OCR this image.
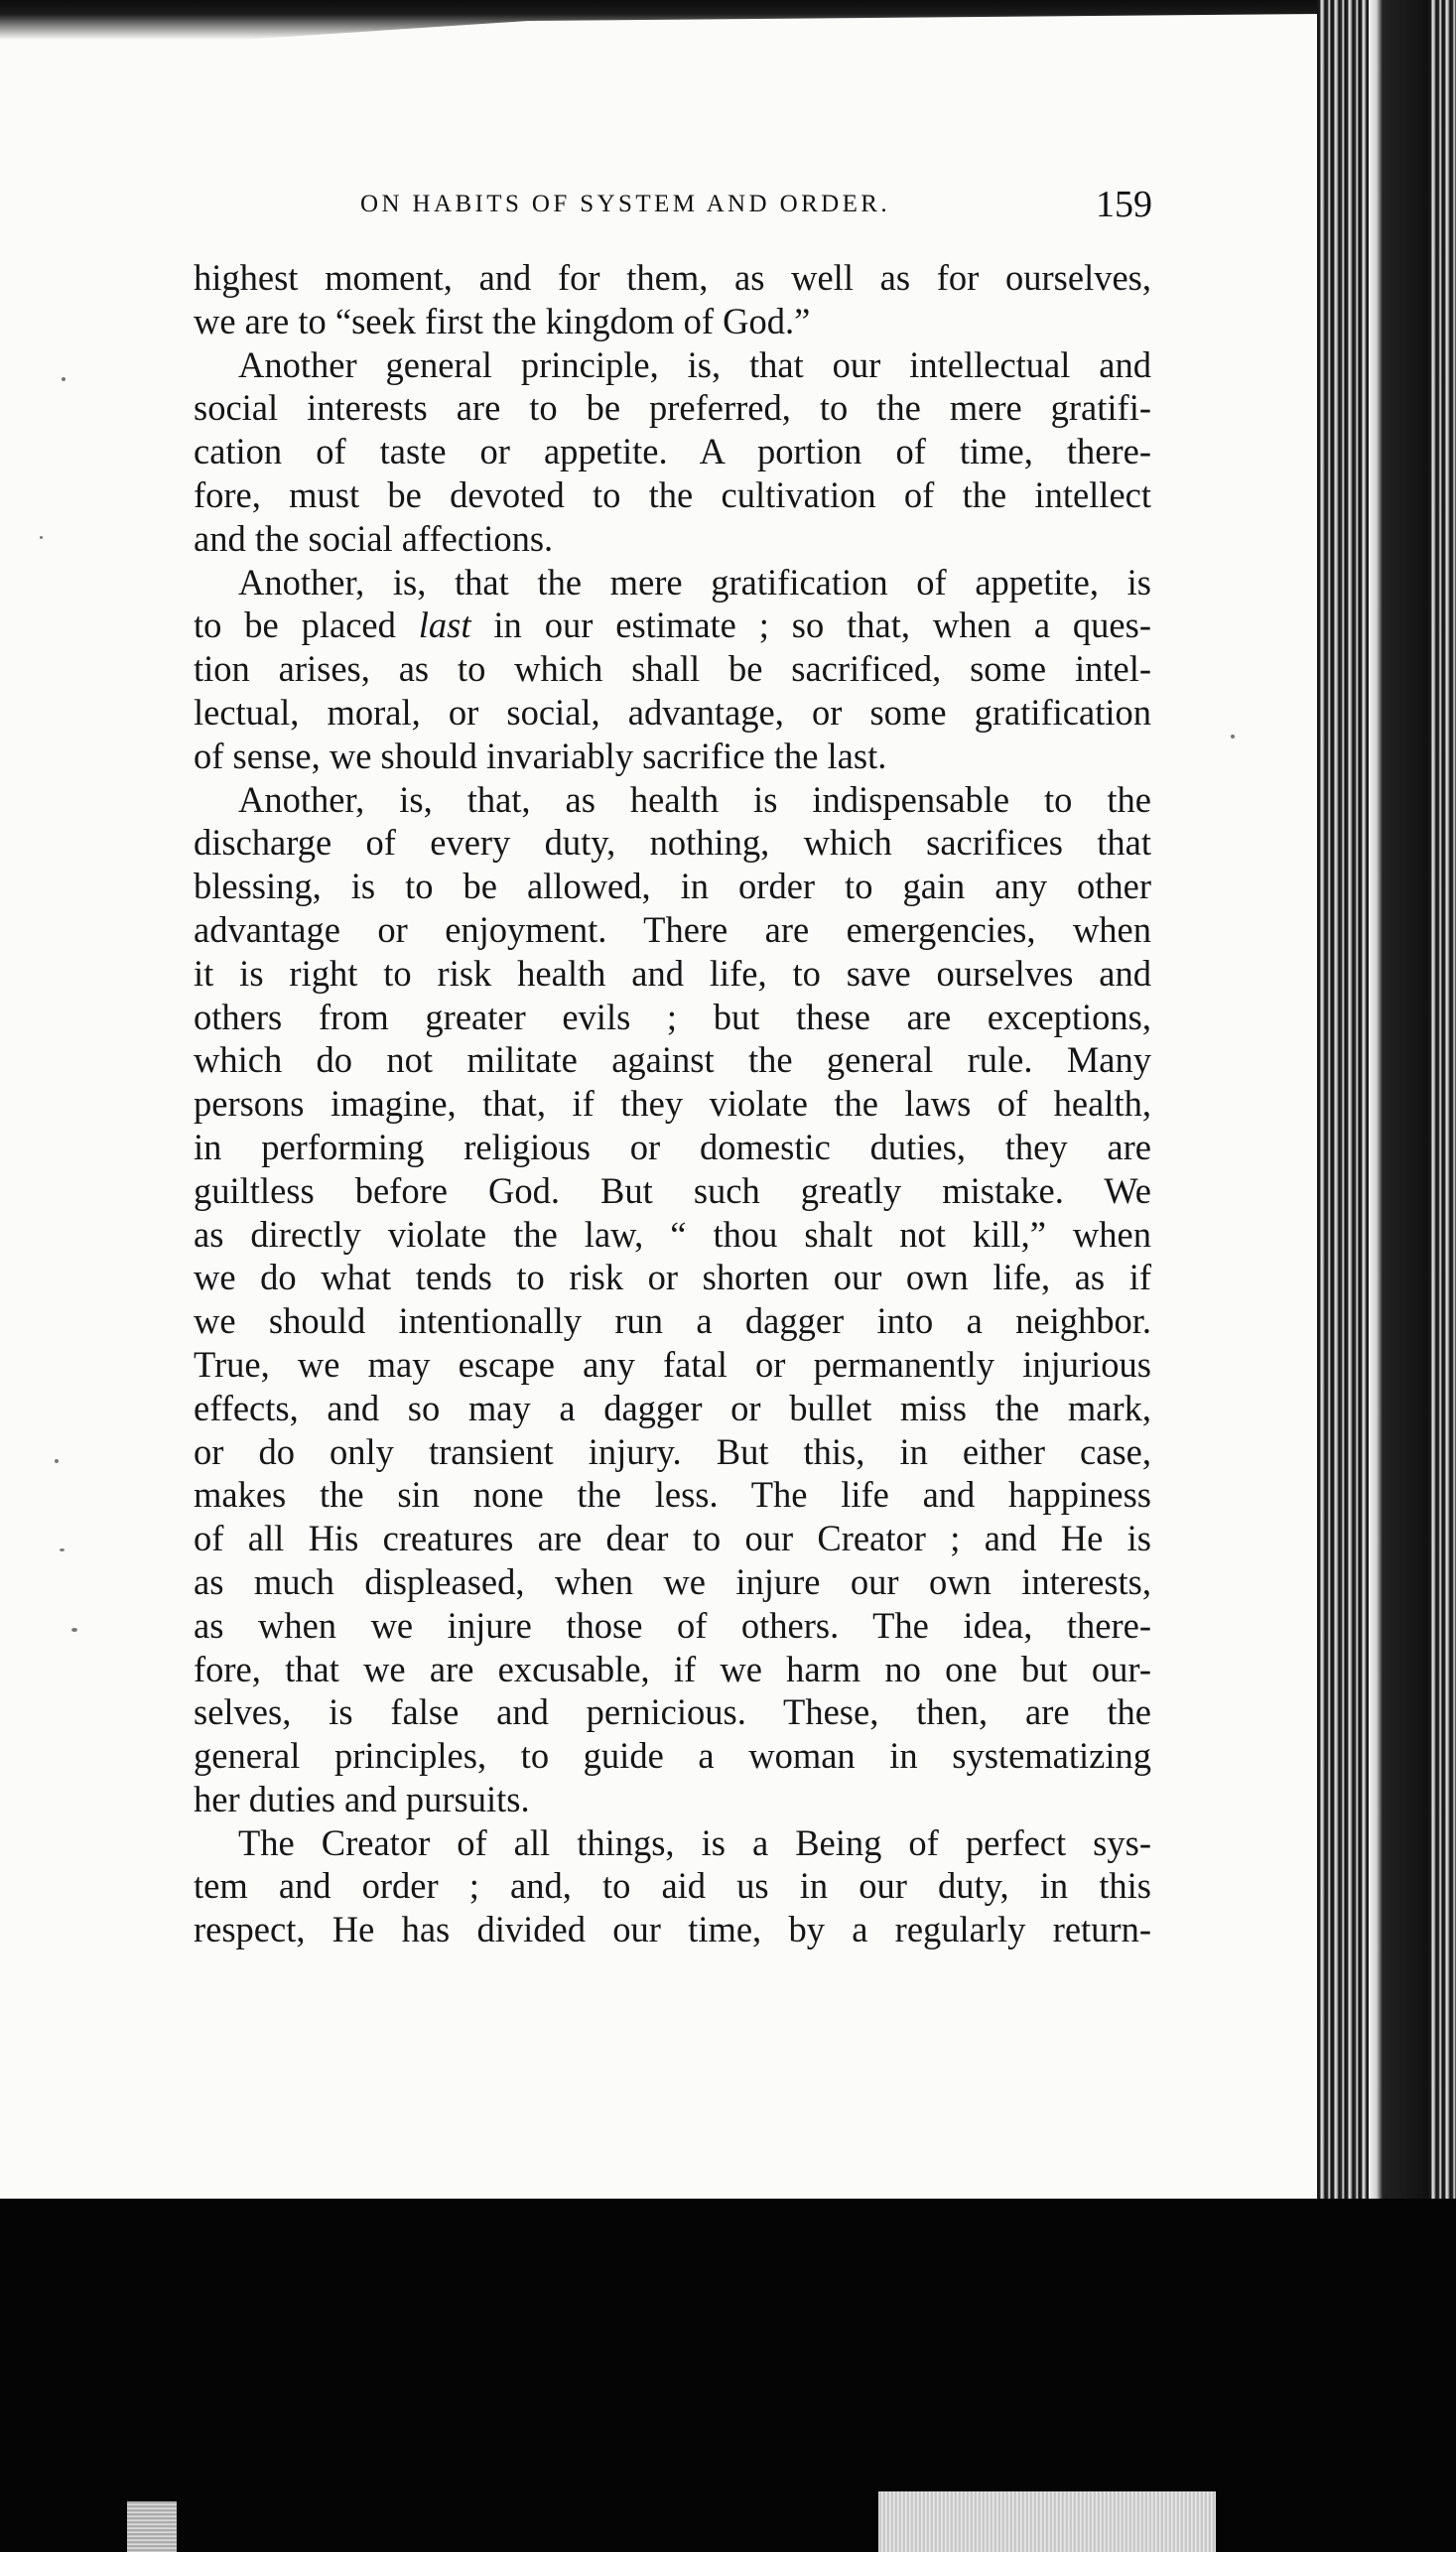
ON HABITS OF SYSTEM AND ORDER.	159
highest moment, and for them, as well as for ourselves,
we are to “seek first the kingdom of God.”
Another general principle, is, that our intellectual and
social interests are to be preferred, to the mere gratifi-
cation of taste or appetite. A portion of time, there-
fore, must be devoted to the cultivation of the intellect
and the social affections.
Another, is, that the mere gratification of appetite, is
to be placed last in our estimate ; so that, when a ques-
tion arises, as to which shall be sacrificed, some intel-
lectual, moral, or social, advantage, or some gratification
of sense, we should invariably sacrifice the last.
Another, is, that, as health is indispensable to the
discharge of every duty, nothing, which sacrifices that
blessing, is to be allowed, in order to gain any other
advantage or enjoyment. There are emergencies, when
it is right to risk health and life, to save ourselves and
others from greater evils ; but these are exceptions,
which do not militate against the general rule. Many
persons imagine, that, if they violate the laws of health,
in performing religious or domestic duties, they are
guiltless before God. But such greatly mistake. We
as directly violate the law, “ thou shalt not kill,” when
we do what tends to risk or shorten our own life, as if
we should intentionally run a dagger into a neighbor.
True, we may escape any fatal or permanently injurious
effects, and so may a dagger or bullet miss the mark,
or do only transient injury. But this, in either case,
makes the sin none the less. The life and happiness
of all His creatures are dear to our Creator ; and He is
as much displeased, when we injure our own interests,
as when we injure those of others. The idea, there-
fore, that we are excusable, if we harm no one but our-
selves, is false and pernicious. These, then, are the
general principles, to guide a woman in systematizing
her duties and pursuits.
The Creator of all things, is a Being of perfect sys-
tem and order ; and, to aid us in our duty, in this
respect, He has divided our time, by a regularly return-
